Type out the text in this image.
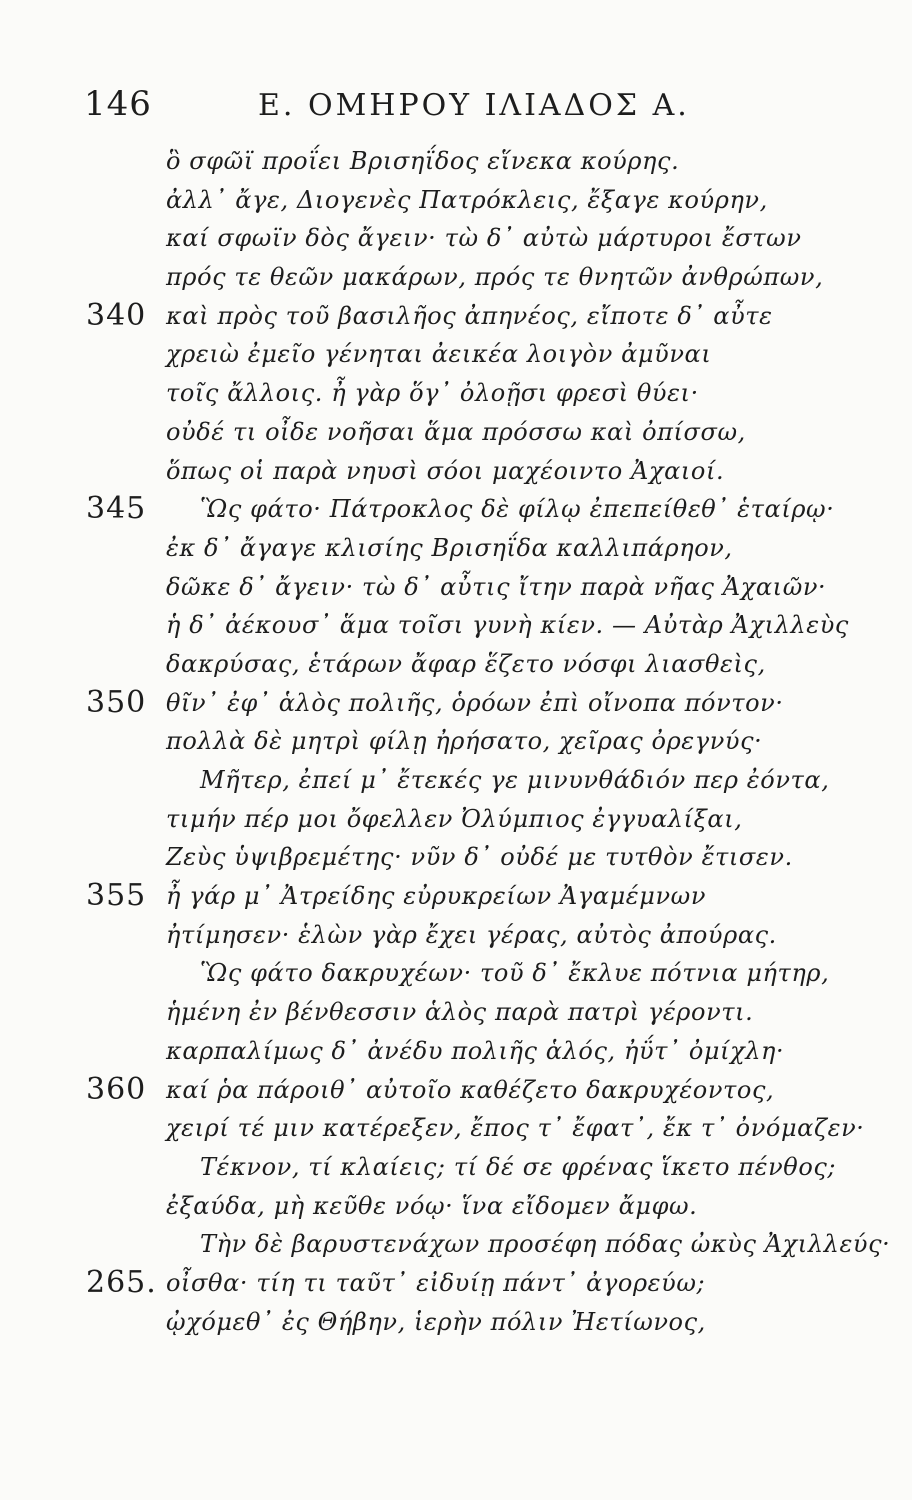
146	Ε. ΟΜΗΡΟΥ ΙΛΙΑΔΟΣ Α.
ὃ σφῶϊ προΐει Βρισηΐδος εἵνεκα κούρης.
ἀλλ᾽ ἄγε, Διογενὲς Πατρόκλεις, ἔξαγε κούρην,
καί σφωϊν δὸς ἄγειν· τὼ δ᾽ αὐτὼ μάρτυροι ἔστων
πρός τε θεῶν μακάρων, πρός τε θνητῶν ἀνθρώπων,
340 καὶ πρὸς τοῦ βασιλῆος ἀπηνέος, εἴποτε δ᾽ αὖτε
χρειὼ ἐμεῖο γένηται ἀεικέα λοιγὸν ἀμῦναι
τοῖς ἄλλοις. ἦ γὰρ ὅγ᾽ ὀλοῇσι φρεσὶ θύει·
οὐδέ τι οἶδε νοῆσαι ἅμα πρόσσω καὶ ὀπίσσω,
ὅπως οἱ παρὰ νηυσὶ σόοι μαχέοιντο Ἀχαιοί.
345 Ὣς φάτο· Πάτροκλος δὲ φίλῳ ἐπεπείθεθ᾽ ἑταίρῳ·
ἐκ δ᾽ ἄγαγε κλισίης Βρισηΐδα καλλιπάρηον,
δῶκε δ᾽ ἄγειν· τὼ δ᾽ αὖτις ἴτην παρὰ νῆας Ἀχαιῶν·
ἡ δ᾽ ἀέκουσ᾽ ἅμα τοῖσι γυνὴ κίεν. — Αὐτὰρ Ἀχιλλεὺς
δακρύσας, ἑτάρων ἄφαρ ἕζετο νόσφι λιασθεὶς,
350 θῖν᾽ ἐφ᾽ ἁλὸς πολιῆς, ὁρόων ἐπὶ οἴνοπα πόντον·
πολλὰ δὲ μητρὶ φίλῃ ἠρήσατο, χεῖρας ὀρεγνύς·
Μῆτερ, ἐπεί μ᾽ ἔτεκές γε μινυνθάδιόν περ ἐόντα,
τιμήν πέρ μοι ὄφελλεν Ὀλύμπιος ἐγγυαλίξαι,
Ζεὺς ὑψιβρεμέτης· νῦν δ᾽ οὐδέ με τυτθὸν ἔτισεν.
355 ἦ γάρ μ᾽ Ἀτρείδης εὐρυκρείων Ἀγαμέμνων
ἠτίμησεν· ἑλὼν γὰρ ἔχει γέρας, αὐτὸς ἀπούρας.
Ὣς φάτο δακρυχέων· τοῦ δ᾽ ἔκλυε πότνια μήτηρ,
ἡμένη ἐν βένθεσσιν ἁλὸς παρὰ πατρὶ γέροντι.
καρπαλίμως δ᾽ ἀνέδυ πολιῆς ἁλός, ἠΰτ᾽ ὀμίχλη·
360 καί ῥα πάροιθ᾽ αὐτοῖο καθέζετο δακρυχέοντος,
χειρί τέ μιν κατέρεξεν, ἔπος τ᾽ ἔφατ᾽, ἔκ τ᾽ ὀνόμαζεν·
Τέκνον, τί κλαίεις; τί δέ σε φρένας ἵκετο πένθος;
ἐξαύδα, μὴ κεῦθε νόῳ· ἵνα εἴδομεν ἄμφω.
Τὴν δὲ βαρυστενάχων προσέφη πόδας ὠκὺς Ἀχιλλεύς·
265. οἶσθα· τίη τι ταῦτ᾽ εἰδυίῃ πάντ᾽ ἀγορεύω;
ᾠχόμεθ᾽ ἐς Θήβην, ἱερὴν πόλιν Ἠετίωνος,
